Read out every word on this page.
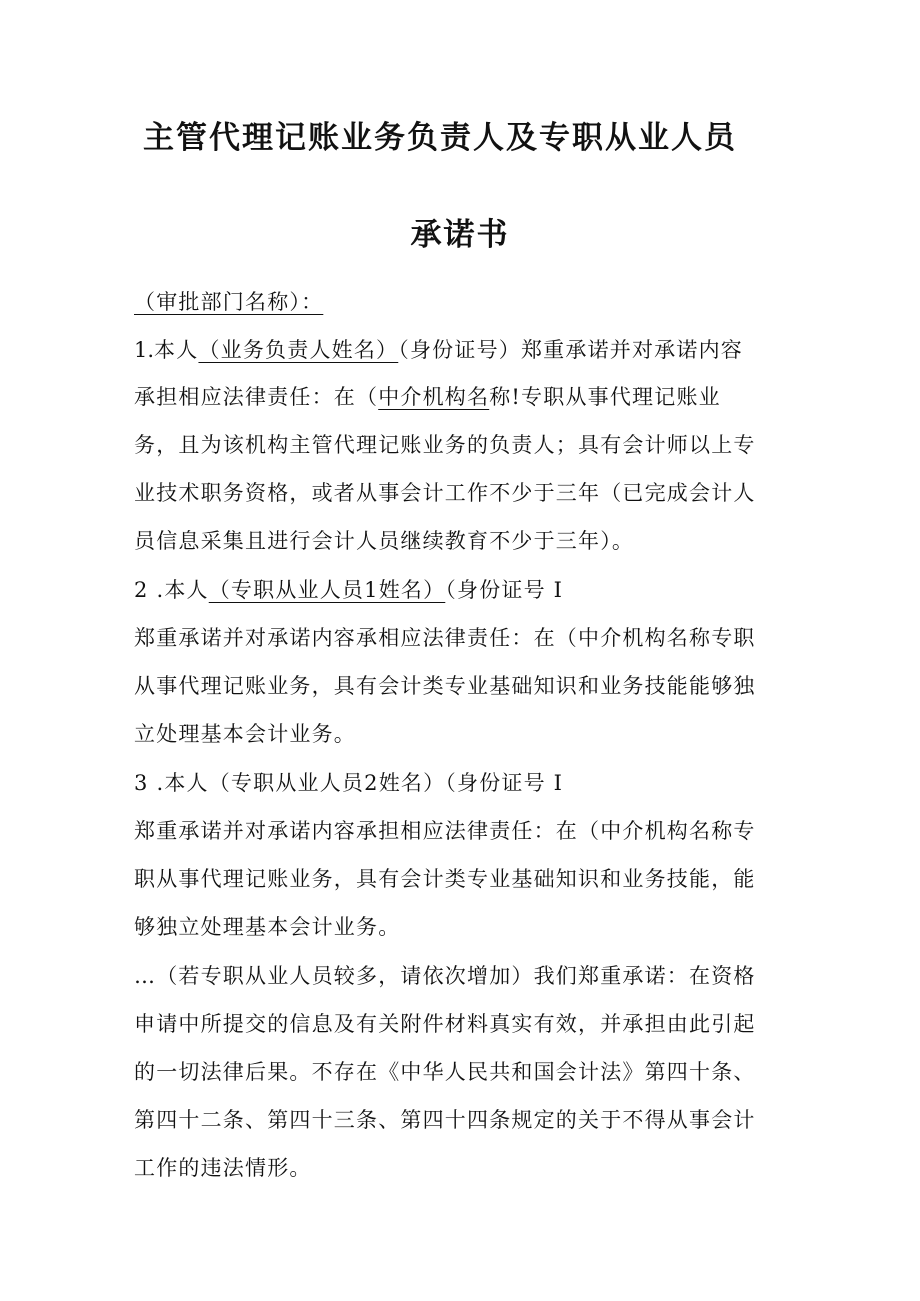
主管代理记账业务负责人及专职从业人员
承诺书
（审批部门名称）：
1.本人（业务负责人姓名）（身份证号）郑重承诺并对承诺内容
承担相应法律责任：在（中介机构名称!专职从事代理记账业
务，且为该机构主管代理记账业务的负责人；具有会计师以上专
业技术职务资格，或者从事会计工作不少于三年（已完成会计人
员信息采集且进行会计人员继续教育不少于三年）。
2 .本人（专职从业人员1姓名）（身份证号 I
郑重承诺并对承诺内容承相应法律责任：在（中介机构名称专职
从事代理记账业务，具有会计类专业基础知识和业务技能能够独
立处理基本会计业务。
3 .本人（专职从业人员2姓名）（身份证号 I
郑重承诺并对承诺内容承担相应法律责任：在（中介机构名称专
职从事代理记账业务，具有会计类专业基础知识和业务技能，能
够独立处理基本会计业务。
…（若专职从业人员较多，请依次增加）我们郑重承诺：在资格
申请中所提交的信息及有关附件材料真实有效，并承担由此引起
的一切法律后果。不存在《中华人民共和国会计法》第四十条、
第四十二条、第四十三条、第四十四条规定的关于不得从事会计
工作的违法情形。
